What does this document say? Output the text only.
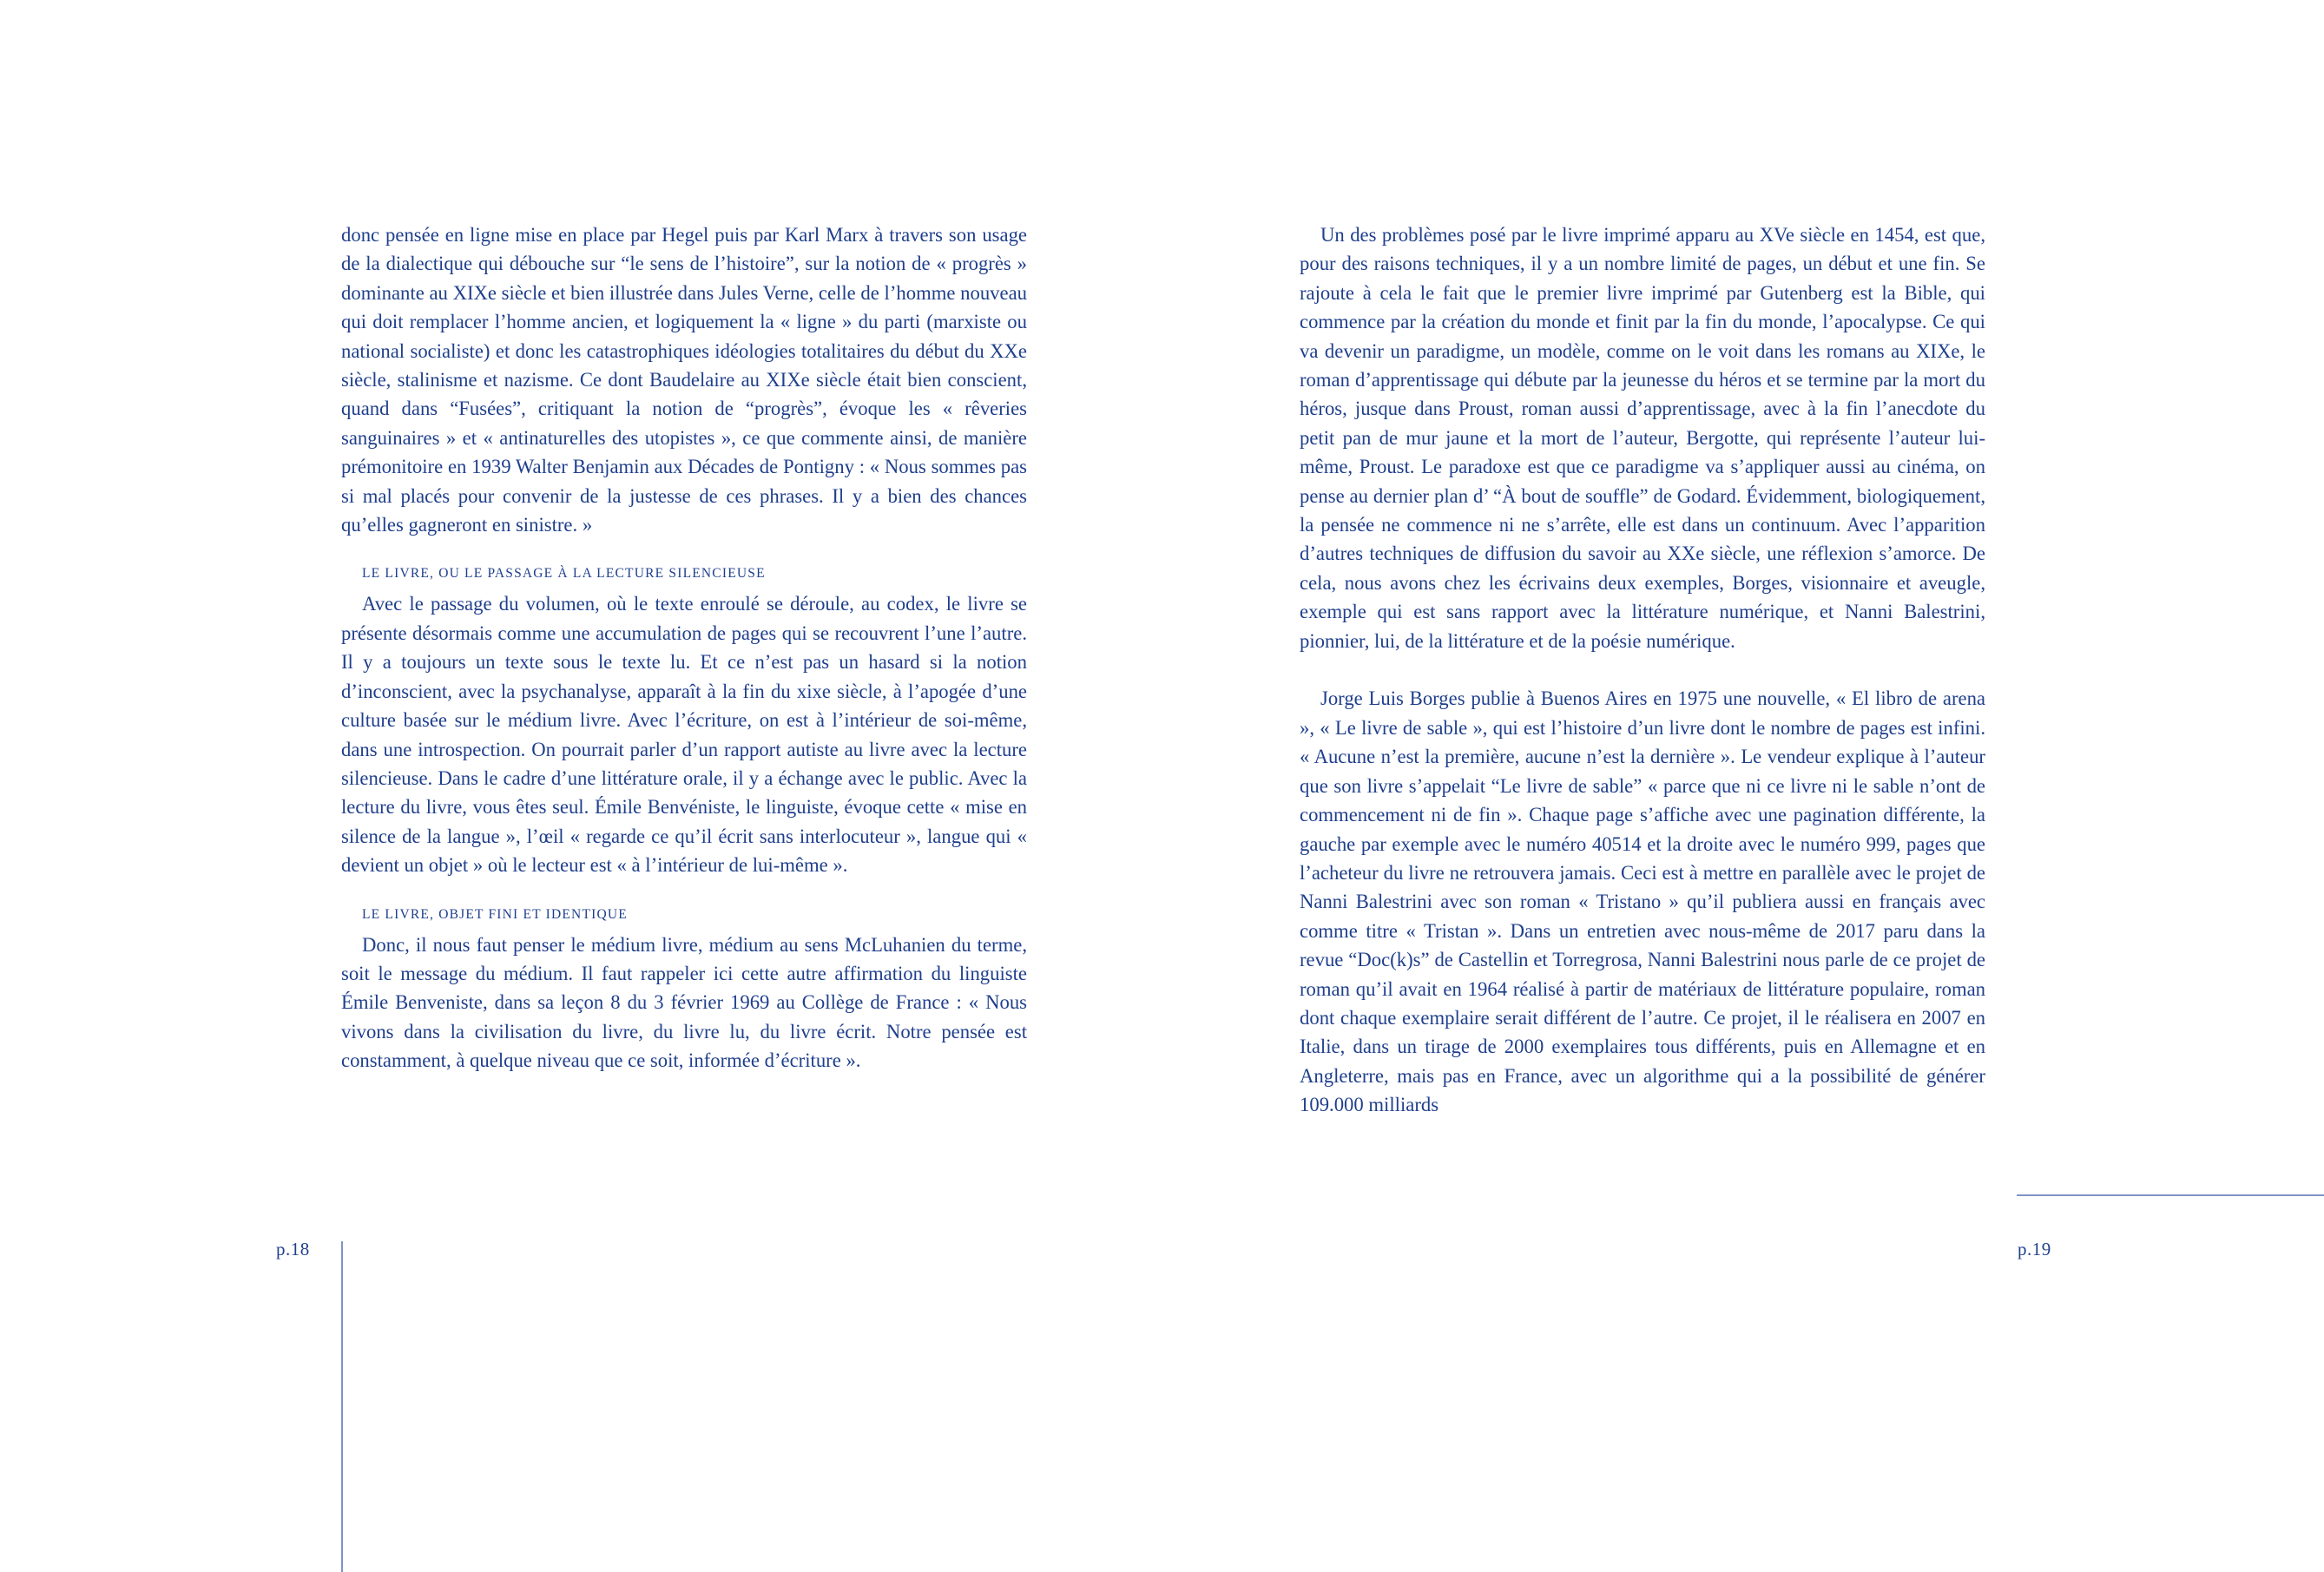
donc pensée en ligne mise en place par Hegel puis par Karl Marx à travers son usage de la dialectique qui débouche sur “le sens de l’histoire”, sur la notion de « progrès » dominante au XIXe siècle et bien illustrée dans Jules Verne, celle de l’homme nouveau qui doit remplacer l’homme ancien, et logiquement la « ligne » du parti (marxiste ou national socialiste) et donc les catastrophiques idéologies totalitaires du début du XXe siècle, stalinisme et nazisme. Ce dont Baudelaire au XIXe siècle était bien conscient, quand dans “Fusées”, critiquant la notion de “progrès”, évoque les « rêveries sanguinaires » et « antinaturelles des utopistes », ce que commente ainsi, de manière prémonitoire en 1939 Walter Benjamin aux Décades de Pontigny : « Nous sommes pas si mal placés pour convenir de la justesse de ces phrases. Il y a bien des chances qu’elles gagneront en sinistre. »

LE LIVRE, OU LE PASSAGE À LA LECTURE SILENCIEUSE

Avec le passage du volumen, où le texte enroulé se déroule, au codex, le livre se présente désormais comme une accumulation de pages qui se recouvrent l’une l’autre. Il y a toujours un texte sous le texte lu. Et ce n’est pas un hasard si la notion d’inconscient, avec la psychanalyse, apparaît à la fin du xixe siècle, à l’apogée d’une culture basée sur le médium livre. Avec l’écriture, on est à l’intérieur de soi-même, dans une introspection. On pourrait parler d’un rapport autiste au livre avec la lecture silencieuse. Dans le cadre d’une littérature orale, il y a échange avec le public. Avec la lecture du livre, vous êtes seul. Émile Benvéniste, le linguiste, évoque cette « mise en silence de la langue », l’œil « regarde ce qu’il écrit sans interlocuteur », langue qui « devient un objet » où le lecteur est « à l’intérieur de lui-même ».

LE LIVRE, OBJET FINI ET IDENTIQUE

Donc, il nous faut penser le médium livre, médium au sens McLuhanien du terme, soit le message du médium. Il faut rappeler ici cette autre affirmation du linguiste Émile Benveniste, dans sa leçon 8 du 3 février 1969 au Collège de France : « Nous vivons dans la civilisation du livre, du livre lu, du livre écrit. Notre pensée est constamment, à quelque niveau que ce soit, informée d’écriture ».

Un des problèmes posé par le livre imprimé apparu au XVe siècle en 1454, est que, pour des raisons techniques, il y a un nombre limité de pages, un début et une fin. Se rajoute à cela le fait que le premier livre imprimé par Gutenberg est la Bible, qui commence par la création du monde et finit par la fin du monde, l’apocalypse. Ce qui va devenir un paradigme, un modèle, comme on le voit dans les romans au XIXe, le roman d’apprentissage qui débute par la jeunesse du héros et se termine par la mort du héros, jusque dans Proust, roman aussi d’apprentissage, avec à la fin l’anecdote du petit pan de mur jaune et la mort de l’auteur, Bergotte, qui représente l’auteur lui-même, Proust. Le paradoxe est que ce paradigme va s’appliquer aussi au cinéma, on pense au dernier plan d’ “À bout de souffle” de Godard. Évidemment, biologiquement, la pensée ne commence ni ne s’arrête, elle est dans un continuum. Avec l’apparition d’autres techniques de diffusion du savoir au XXe siècle, une réflexion s’amorce. De cela, nous avons chez les écrivains deux exemples, Borges, visionnaire et aveugle, exemple qui est sans rapport avec la littérature numérique, et Nanni Balestrini, pionnier, lui, de la littérature et de la poésie numérique.

Jorge Luis Borges publie à Buenos Aires en 1975 une nouvelle, « El libro de arena », « Le livre de sable », qui est l’histoire d’un livre dont le nombre de pages est infini. « Aucune n’est la première, aucune n’est la dernière ». Le vendeur explique à l’auteur que son livre s’appelait “Le livre de sable” « parce que ni ce livre ni le sable n’ont de commencement ni de fin ». Chaque page s’affiche avec une pagination différente, la gauche par exemple avec le numéro 40514 et la droite avec le numéro 999, pages que l’acheteur du livre ne retrouvera jamais. Ceci est à mettre en parallèle avec le projet de Nanni Balestrini avec son roman « Tristano » qu’il publiera aussi en français avec comme titre « Tristan ». Dans un entretien avec nous-même de 2017 paru dans la revue “Doc(k)s” de Castellin et Torregrosa, Nanni Balestrini nous parle de ce projet de roman qu’il avait en 1964 réalisé à partir de matériaux de littérature populaire, roman dont chaque exemplaire serait différent de l’autre. Ce projet, il le réalisera en 2007 en Italie, dans un tirage de 2000 exemplaires tous différents, puis en Allemagne et en Angleterre, mais pas en France, avec un algorithme qui a la possibilité de générer 109.000 milliards

p.18	p.19
